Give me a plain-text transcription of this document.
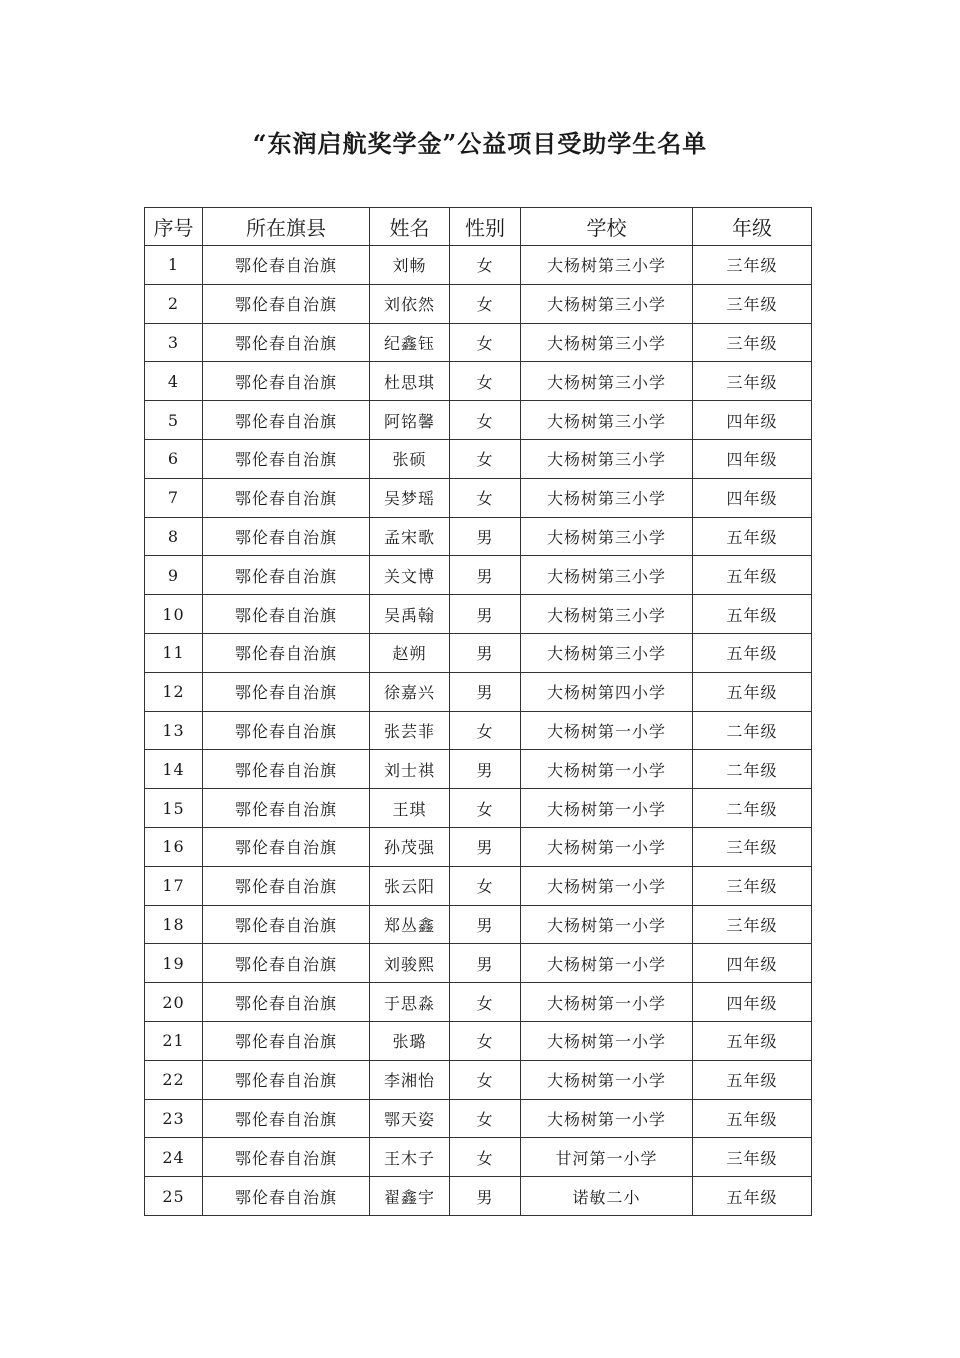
“东润启航奖学金”公益项目受助学生名单
序号	所在旗县	姓名	性别	学校	年级
1	鄂伦春自治旗	刘畅	女	大杨树第三小学	三年级
2	鄂伦春自治旗	刘依然	女	大杨树第三小学	三年级
3	鄂伦春自治旗	纪鑫钰	女	大杨树第三小学	三年级
4	鄂伦春自治旗	杜思琪	女	大杨树第三小学	三年级
5	鄂伦春自治旗	阿铭馨	女	大杨树第三小学	四年级
6	鄂伦春自治旗	张硕	女	大杨树第三小学	四年级
7	鄂伦春自治旗	吴梦瑶	女	大杨树第三小学	四年级
8	鄂伦春自治旗	孟宋歌	男	大杨树第三小学	五年级
9	鄂伦春自治旗	关文博	男	大杨树第三小学	五年级
10	鄂伦春自治旗	吴禹翰	男	大杨树第三小学	五年级
11	鄂伦春自治旗	赵朔	男	大杨树第三小学	五年级
12	鄂伦春自治旗	徐嘉兴	男	大杨树第四小学	五年级
13	鄂伦春自治旗	张芸菲	女	大杨树第一小学	二年级
14	鄂伦春自治旗	刘士祺	男	大杨树第一小学	二年级
15	鄂伦春自治旗	王琪	女	大杨树第一小学	二年级
16	鄂伦春自治旗	孙茂强	男	大杨树第一小学	三年级
17	鄂伦春自治旗	张云阳	女	大杨树第一小学	三年级
18	鄂伦春自治旗	郑丛鑫	男	大杨树第一小学	三年级
19	鄂伦春自治旗	刘骏熙	男	大杨树第一小学	四年级
20	鄂伦春自治旗	于思淼	女	大杨树第一小学	四年级
21	鄂伦春自治旗	张璐	女	大杨树第一小学	五年级
22	鄂伦春自治旗	李湘怡	女	大杨树第一小学	五年级
23	鄂伦春自治旗	鄂天姿	女	大杨树第一小学	五年级
24	鄂伦春自治旗	王木子	女	甘河第一小学	三年级
25	鄂伦春自治旗	翟鑫宇	男	诺敏二小	五年级
